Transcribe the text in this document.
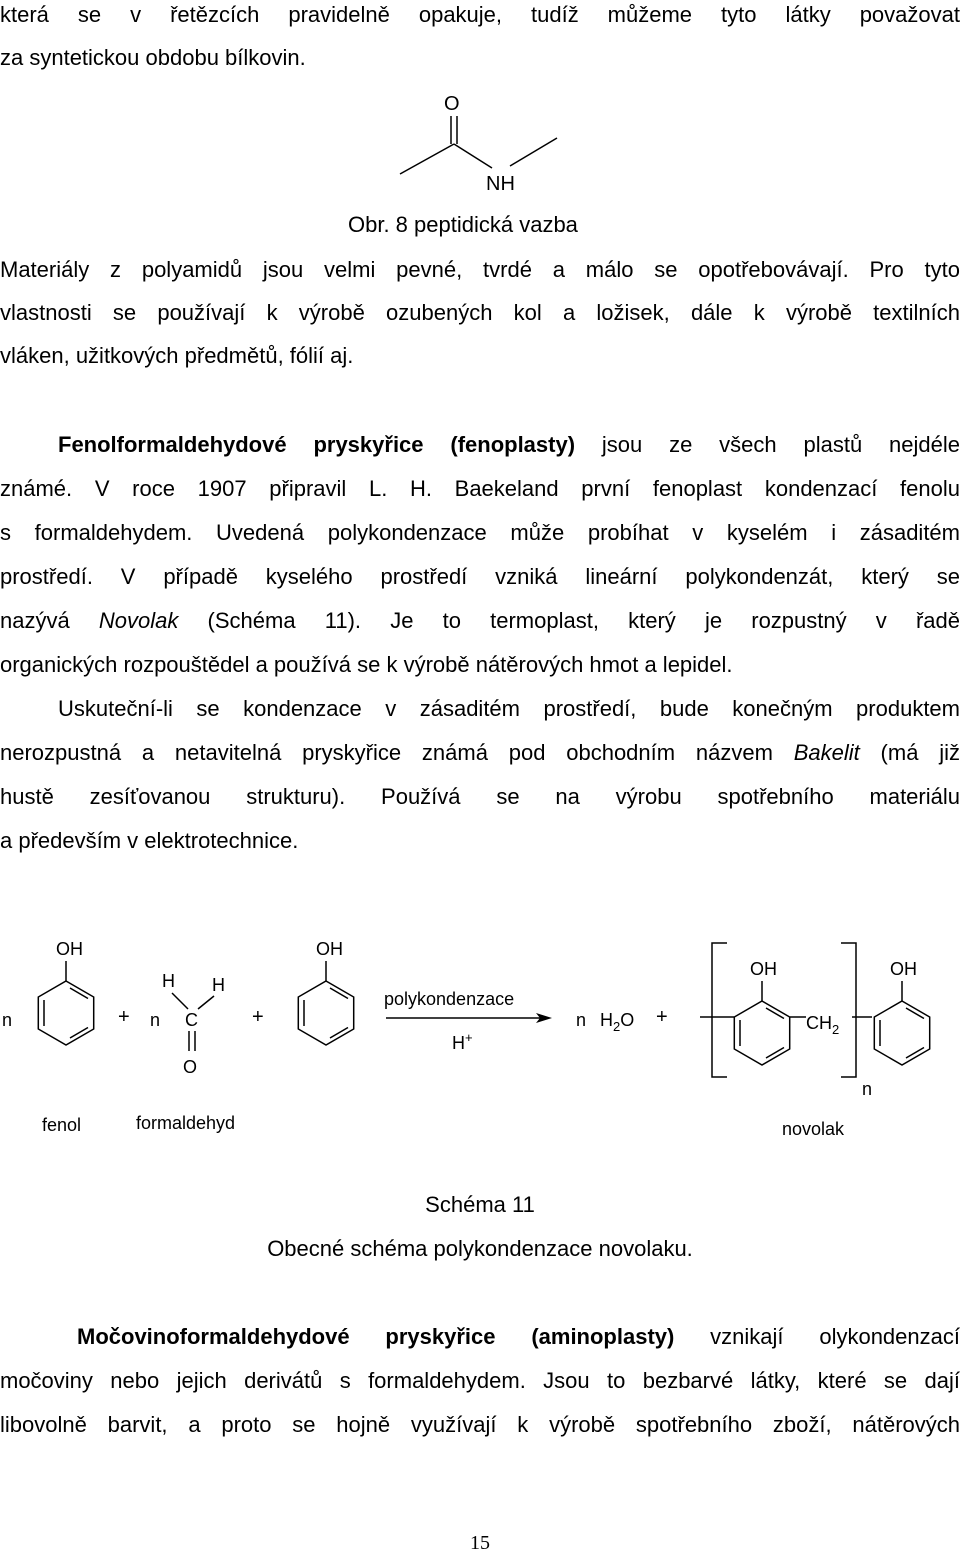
která se v řetězcích pravidelně opakuje, tudíž můžeme tyto látky považovat
za syntetickou obdobu bílkovin.
O
NH
Obr. 8 peptidická vazba
Materiály z polyamidů jsou velmi pevné, tvrdé a málo se opotřebovávají. Pro tyto
vlastnosti se používají k výrobě ozubených kol a ložisek, dále k výrobě textilních
vláken, užitkových předmětů, fólií aj.
Fenolformaldehydové pryskyřice (fenoplasty) jsou ze všech plastů nejdéle
známé. V roce 1907 připravil L. H. Baekeland první fenoplast kondenzací fenolu
s formaldehydem. Uvedená polykondenzace může probíhat v kyselém i zásaditém
prostředí. V případě kyselého prostředí vzniká lineární polykondenzát, který se
nazývá Novolak (Schéma 11). Je to termoplast, který je rozpustný v řadě
organických rozpouštědel a používá se k výrobě nátěrových hmot a lepidel.
Uskuteční-li se kondenzace v zásaditém prostředí, bude konečným produktem
nerozpustná a netavitelná pryskyřice známá pod obchodním názvem Bakelit (má již
hustě zesíťovanou strukturu). Používá se na výrobu spotřebního materiálu
a především v elektrotechnice.
OH
n	+ n
H H
C
O
+
OH
polykondenzace
H+
n $H_2O$ +
OH
$CH_2$
OH
n
fenol	formaldehyd	novolak
Schéma 11
Obecné schéma polykondenzace novolaku.
Močovinoformaldehydové pryskyřice (aminoplasty) vznikají olykondenzací
močoviny nebo jejich derivátů s formaldehydem. Jsou to bezbarvé látky, které se dají
libovolně barvit, a proto se hojně využívají k výrobě spotřebního zboží, nátěrových
15
